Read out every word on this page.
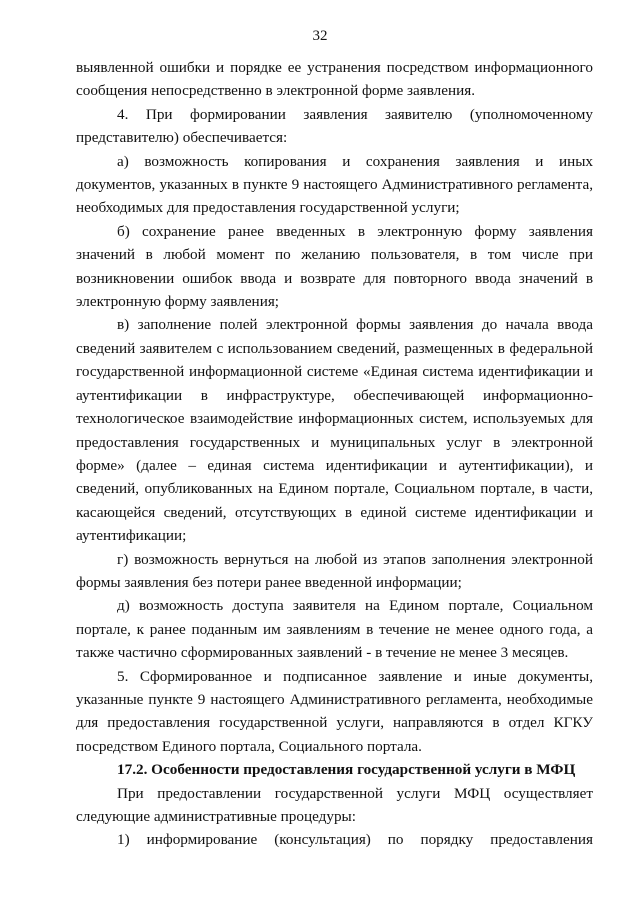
32

выявленной ошибки и порядке ее устранения посредством информационного сообщения непосредственно в электронной форме заявления.

4. При формировании заявления заявителю (уполномоченному представителю) обеспечивается:

а) возможность копирования и сохранения заявления и иных документов, указанных в пункте 9 настоящего Административного регламента, необходимых для предоставления государственной услуги;

б) сохранение ранее введенных в электронную форму заявления значений в любой момент по желанию пользователя, в том числе при возникновении ошибок ввода и возврате для повторного ввода значений в электронную форму заявления;

в) заполнение полей электронной формы заявления до начала ввода сведений заявителем с использованием сведений, размещенных в федеральной государственной информационной системе «Единая система идентификации и аутентификации в инфраструктуре, обеспечивающей информационно-технологическое взаимодействие информационных систем, используемых для предоставления государственных и муниципальных услуг в электронной форме» (далее – единая система идентификации и аутентификации), и сведений, опубликованных на Едином портале, Социальном портале, в части, касающейся сведений, отсутствующих в единой системе идентификации и аутентификации;

г) возможность вернуться на любой из этапов заполнения электронной формы заявления без потери ранее введенной информации;

д) возможность доступа заявителя на Едином портале, Социальном портале, к ранее поданным им заявлениям в течение не менее одного года, а также частично сформированных заявлений - в течение не менее 3 месяцев.

5. Сформированное и подписанное заявление и иные документы, указанные пункте 9 настоящего Административного регламента, необходимые для предоставления государственной услуги, направляются в отдел КГКУ посредством Единого портала, Социального портала.

17.2. Особенности предоставления государственной услуги в МФЦ

При предоставлении государственной услуги МФЦ осуществляет следующие административные процедуры:

1) информирование (консультация) по порядку предоставления
